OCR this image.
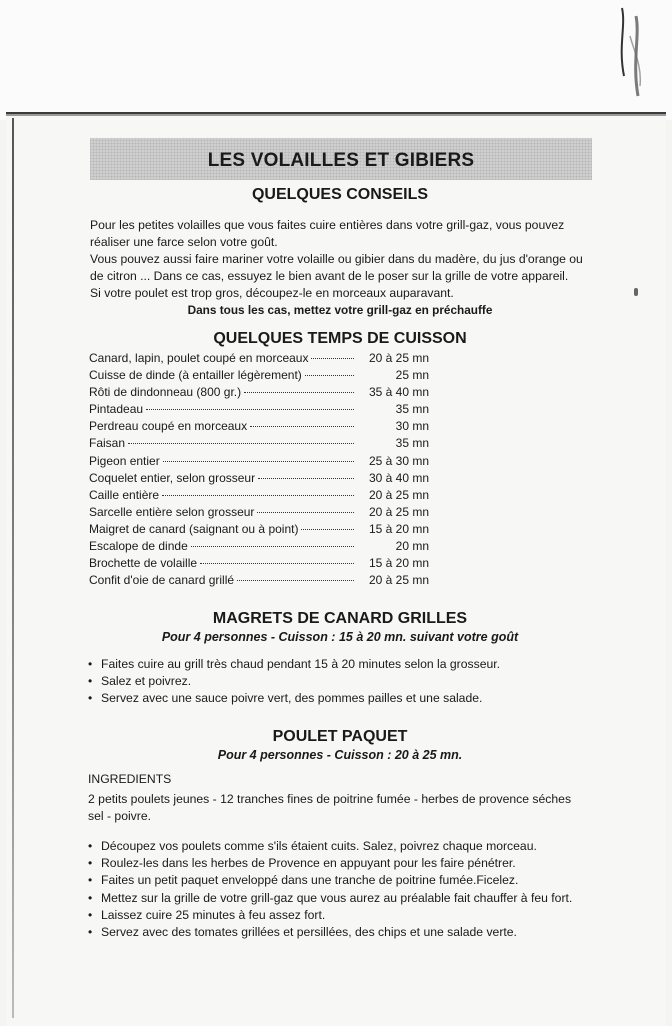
LES VOLAILLES ET GIBIERS
QUELQUES CONSEILS

Pour les petites volailles que vous faites cuire entières dans votre grill-gaz, vous pouvez

réaliser une farce selon votre goût.

Vous pouvez aussi faire mariner votre volaille ou gibier dans du madère, du jus d'orange ou

de citron ... Dans ce cas, essuyez le bien avant de le poser sur la grille de votre appareil.

Si votre poulet est trop gros, découpez-le en morceaux auparavant.

Dans tous les cas, mettez votre grill-gaz en préchauffe

QUELQUES TEMPS DE CUISSON
Canard, lapin, poulet coupé en morceaux	20 à 25 mn
Cuisse de dinde (à entailler légèrement)	25 mn
Rôti de dindonneau (800 gr.)	35 à 40 mn
Pintadeau	35 mn
Perdreau coupé en morceaux	30 mn
Faisan	35 mn
Pigeon entier	25 à 30 mn
Coquelet entier, selon grosseur	30 à 40 mn
Caille entière	20 à 25 mn
Sarcelle entière selon grosseur	20 à 25 mn
Maigret de canard (saignant ou à point)	15 à 20 mn
Escalope de dinde	20 mn
Brochette de volaille	15 à 20 mn
Confit d'oie de canard grillé	20 à 25 mn
MAGRETS DE CANARD GRILLES
Pour 4 personnes - Cuisson : 15 à 20 mn. suivant votre goût
• Faites cuire au grill très chaud pendant 15 à 20 minutes selon la grosseur.
• Salez et poivrez.
• Servez avec une sauce poivre vert, des pommes pailles et une salade.
POULET PAQUET
Pour 4 personnes - Cuisson : 20 à 25 mn.
INGREDIENTS

2 petits poulets jeunes - 12 tranches fines de poitrine fumée - herbes de provence séches

sel - poivre.

• Découpez vos poulets comme s'ils étaient cuits. Salez, poivrez chaque morceau.
• Roulez-les dans les herbes de Provence en appuyant pour les faire pénétrer.
• Faites un petit paquet enveloppé dans une tranche de poitrine fumée.Ficelez.
• Mettez sur la grille de votre grill-gaz que vous aurez au préalable fait chauffer à feu fort.
• Laissez cuire 25 minutes à feu assez fort.
• Servez avec des tomates grillées et persillées, des chips et une salade verte.
